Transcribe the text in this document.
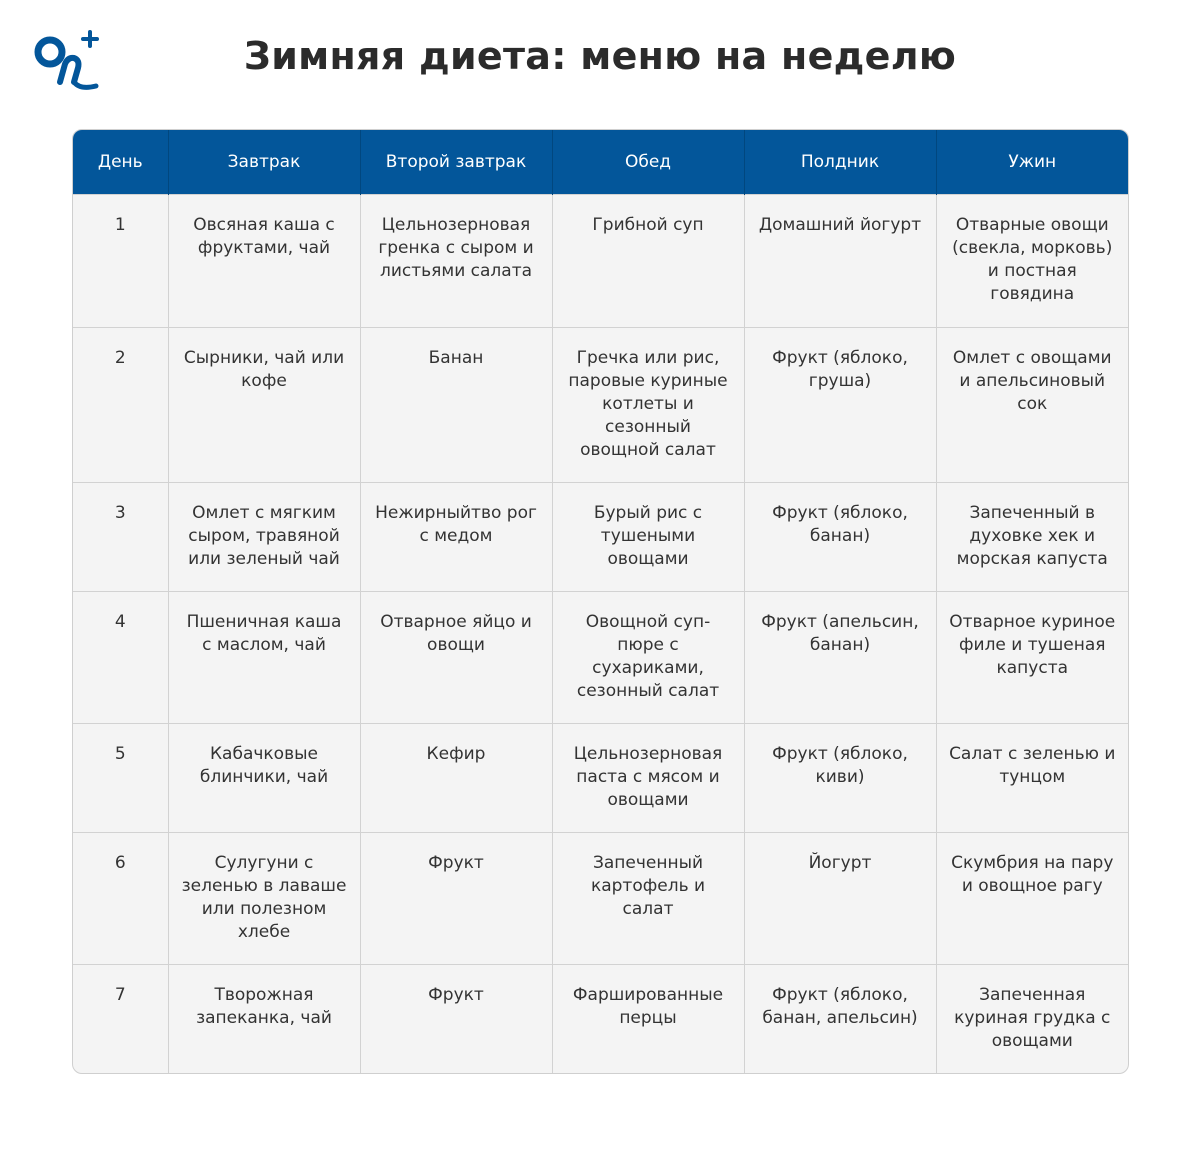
Зимняя диета: меню на неделю
День	Завтрак	Второй завтрак	Обед	Полдник	Ужин
1	Овсяная каша с фруктами, чай	Цельнозерновая гренка с сыром и листьями салата	Грибной суп	Домашний йогурт	Отварные овощи (свекла, морковь) и постная говядина
2	Сырники, чай или кофе	Банан	Гречка или рис, паровые куриные котлеты и сезонный овощной салат	Фрукт (яблоко, груша)	Омлет с овощами и апельсиновый сок
3	Омлет с мягким сыром, травяной или зеленый чай	Нежирныйтво рог с медом	Бурый рис с тушеными овощами	Фрукт (яблоко, банан)	Запеченный в духовке хек и морская капуста
4	Пшеничная каша с маслом, чай	Отварное яйцо и овощи	Овощной суп-пюре с сухариками, сезонный салат	Фрукт (апельсин, банан)	Отварное куриное филе и тушеная капуста
5	Кабачковые блинчики, чай	Кефир	Цельнозерновая паста с мясом и овощами	Фрукт (яблоко, киви)	Салат с зеленью и тунцом
6	Сулугуни с зеленью в лаваше или полезном хлебе	Фрукт	Запеченный картофель и салат	Йогурт	Скумбрия на пару и овощное рагу
7	Творожная запеканка, чай	Фрукт	Фаршированные перцы	Фрукт (яблоко, банан, апельсин)	Запеченная куриная грудка с овощами
